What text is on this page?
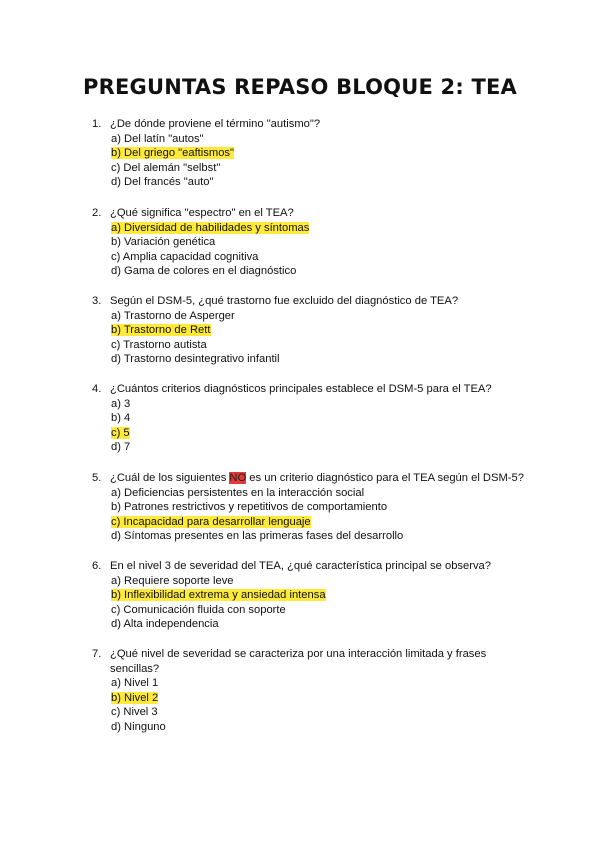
PREGUNTAS REPASO BLOQUE 2: TEA
1. ¿De dónde proviene el término "autismo"?
a) Del latín "autos"
b) Del griego "eaftismos"
c) Del alemán "selbst"
d) Del francés "auto"
2. ¿Qué significa "espectro" en el TEA?
a) Diversidad de habilidades y síntomas
b) Variación genética
c) Amplia capacidad cognitiva
d) Gama de colores en el diagnóstico
3. Según el DSM-5, ¿qué trastorno fue excluido del diagnóstico de TEA?
a) Trastorno de Asperger
b) Trastorno de Rett
c) Trastorno autista
d) Trastorno desintegrativo infantil
4. ¿Cuántos criterios diagnósticos principales establece el DSM-5 para el TEA?
a) 3
b) 4
c) 5
d) 7
5. ¿Cuál de los siguientes NO es un criterio diagnóstico para el TEA según el DSM-5?
a) Deficiencias persistentes en la interacción social
b) Patrones restrictivos y repetitivos de comportamiento
c) Incapacidad para desarrollar lenguaje
d) Síntomas presentes en las primeras fases del desarrollo
6. En el nivel 3 de severidad del TEA, ¿qué característica principal se observa?
a) Requiere soporte leve
b) Inflexibilidad extrema y ansiedad intensa
c) Comunicación fluida con soporte
d) Alta independencia
7. ¿Qué nivel de severidad se caracteriza por una interacción limitada y frases sencillas?
a) Nivel 1
b) Nivel 2
c) Nivel 3
d) Ninguno
